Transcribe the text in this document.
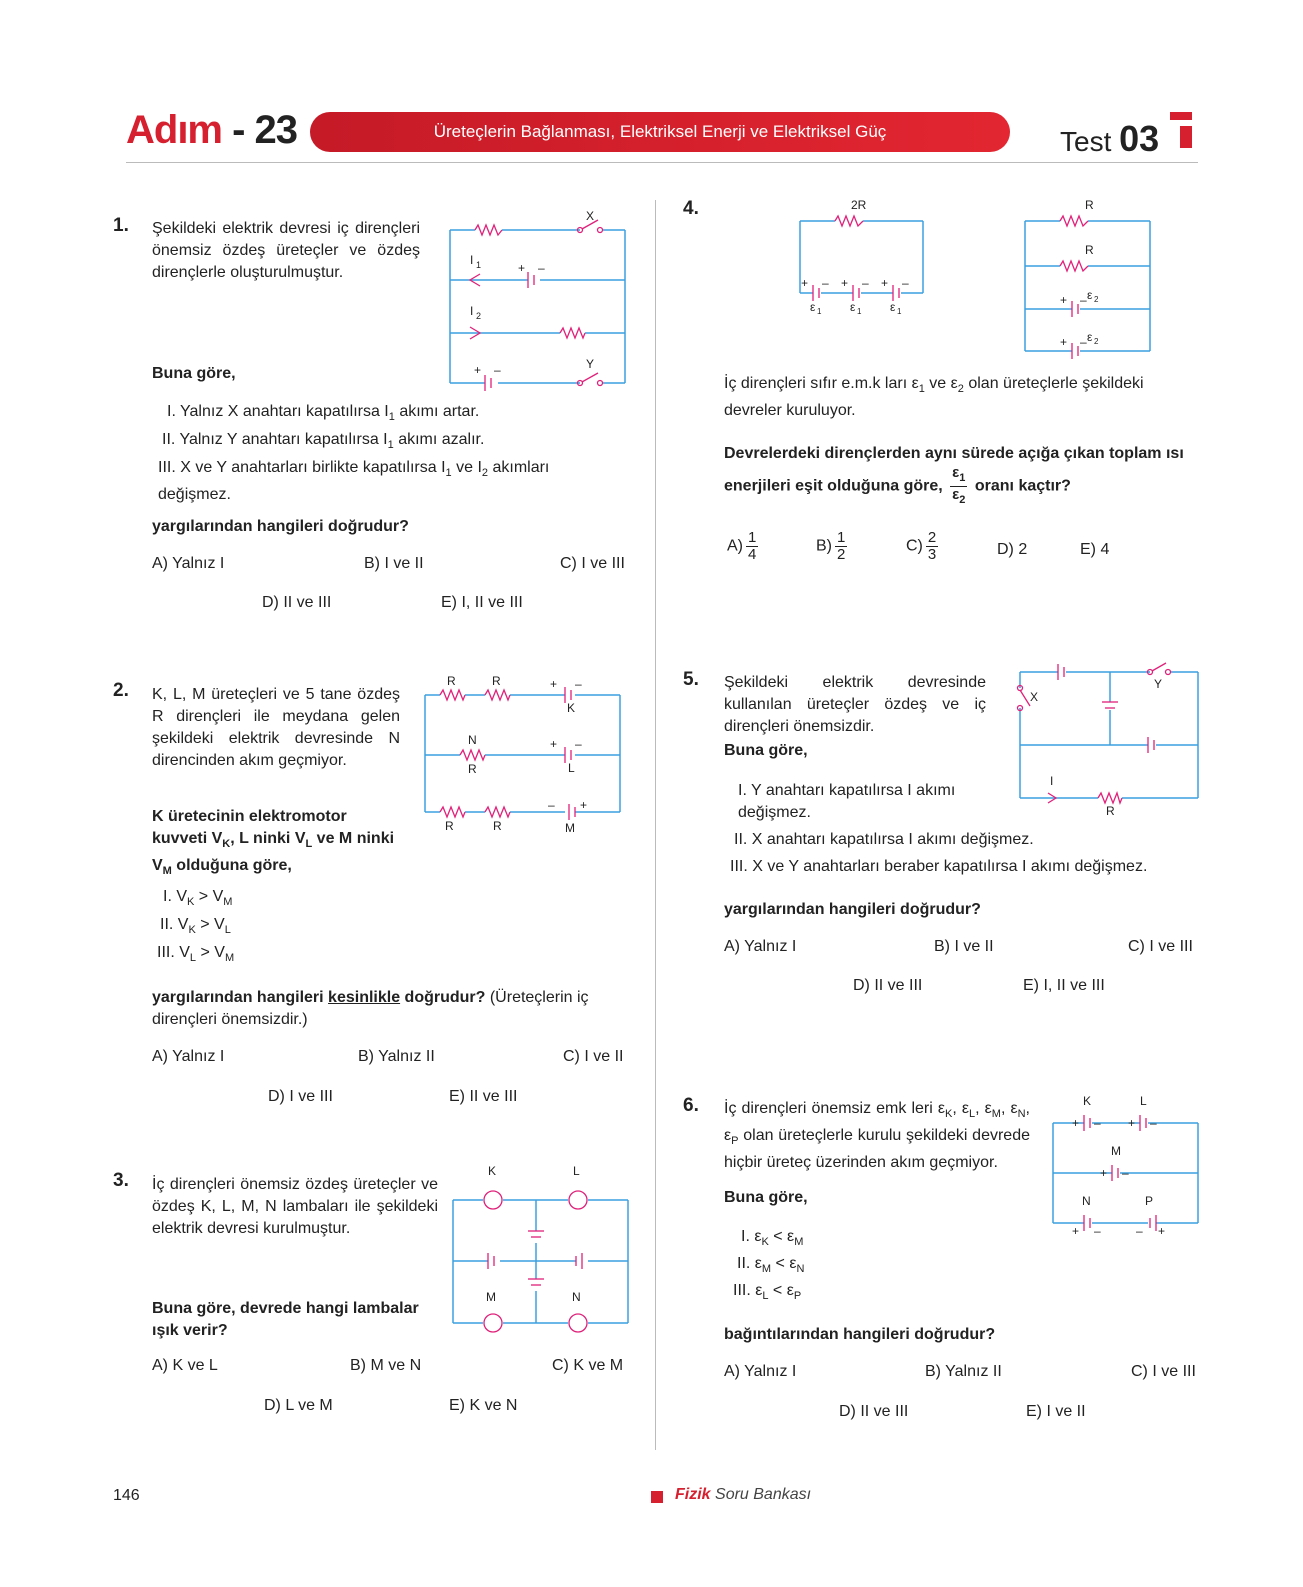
Adım - 23	Üreteçlerin Bağlanması, Elektriksel Enerji ve Elektriksel Güç	Test 03
1. Şekildeki elektrik devresi iç dirençleri önemsiz özdeş üreteçler ve özdeş dirençlerle oluşturulmuştur.
X
Y
I 1
I 2
+ –
+ –
Buna göre,
I. Yalnız X anahtarı kapatılırsa $I_1$ akımı artar.
II. Yalnız Y anahtarı kapatılırsa $I_1$ akımı azalır.
III. X ve Y anahtarları birlikte kapatılırsa $I_1$ ve $I_2$ akımları değişmez.
yargılarından hangileri doğrudur?
A) Yalnız I	B) I ve II	C) I ve III
D) II ve III	E) I, II ve III
2. K, L, M üreteçleri ve 5 tane özdeş R dirençleri ile meydana gelen şekildeki elektrik devresinde N direncinden akım geçmiyor.
R	R
N
R
R	R
K
L
M
+ –
+ –
– +
K üretecinin elektromotor kuvveti $V_K$, L ninki $V_L$ ve M ninki $V_M$ olduğuna göre,
I. $V_K > V_M$
II. $V_K > V_L$
III. $V_L > V_M$
yargılarından hangileri kesinlikle doğrudur? (Üreteçlerin iç dirençleri önemsizdir.)
A) Yalnız I	B) Yalnız II	C) I ve II
D) I ve III	E) II ve III
3. İç dirençleri önemsiz özdeş üreteçler ve özdeş K, L, M, N lambaları ile şekildeki elektrik devresi kurulmuştur.
K	L
M	N
Buna göre, devrede hangi lambalar ışık verir?
A) K ve L	B) M ve N	C) K ve M
D) L ve M	E) K ve N
4.	2R
+ – + – + –
ε 1 ε 1 ε 1
R
R
+ – ε 2
+ – ε 2
İç dirençleri sıfır e.m.k ları $\varepsilon_1$ ve $\varepsilon_2$ olan üreteçlerle şekildeki devreler kuruluyor.
Devrelerdeki dirençlerden aynı sürede açığa çıkan toplam ısı enerjileri eşit olduğuna göre, $\frac{\varepsilon_1}{\varepsilon_2}$ oranı kaçtır?
$A) \frac{1}{4}$	$B) \frac{1}{2}$	$C) \frac{2}{3}$	D) 2	E) 4
5. Şekildeki elektrik devresinde kullanılan üreteçler özdeş ve iç dirençleri önemsizdir.
X
Y
I
R
Buna göre,
I. Y anahtarı kapatılırsa I akımı değişmez.
II. X anahtarı kapatılırsa I akımı değişmez.
III. X ve Y anahtarları beraber kapatılırsa I akımı değişmez.
yargılarından hangileri doğrudur?
A) Yalnız I	B) I ve II	C) I ve III
D) II ve III	E) I, II ve III
6. İç dirençleri önemsiz emk leri $\varepsilon_K$, $\varepsilon_L$, $\varepsilon_M$, $\varepsilon_N$, $\varepsilon_P$ olan üreteçlerle kurulu şekildeki devrede hiçbir üreteç üzerinden akım geçmiyor.
K	L
M
N	P
+ – + –
+ –
+ –	– +
Buna göre,
I. $\varepsilon_K < \varepsilon_M$
II. $\varepsilon_M < \varepsilon_N$
III. $\varepsilon_L < \varepsilon_P$
bağıntılarından hangileri doğrudur?
A) Yalnız I	B) Yalnız II	C) I ve III
D) II ve III	E) I ve II
146	Fizik Soru Bankası
